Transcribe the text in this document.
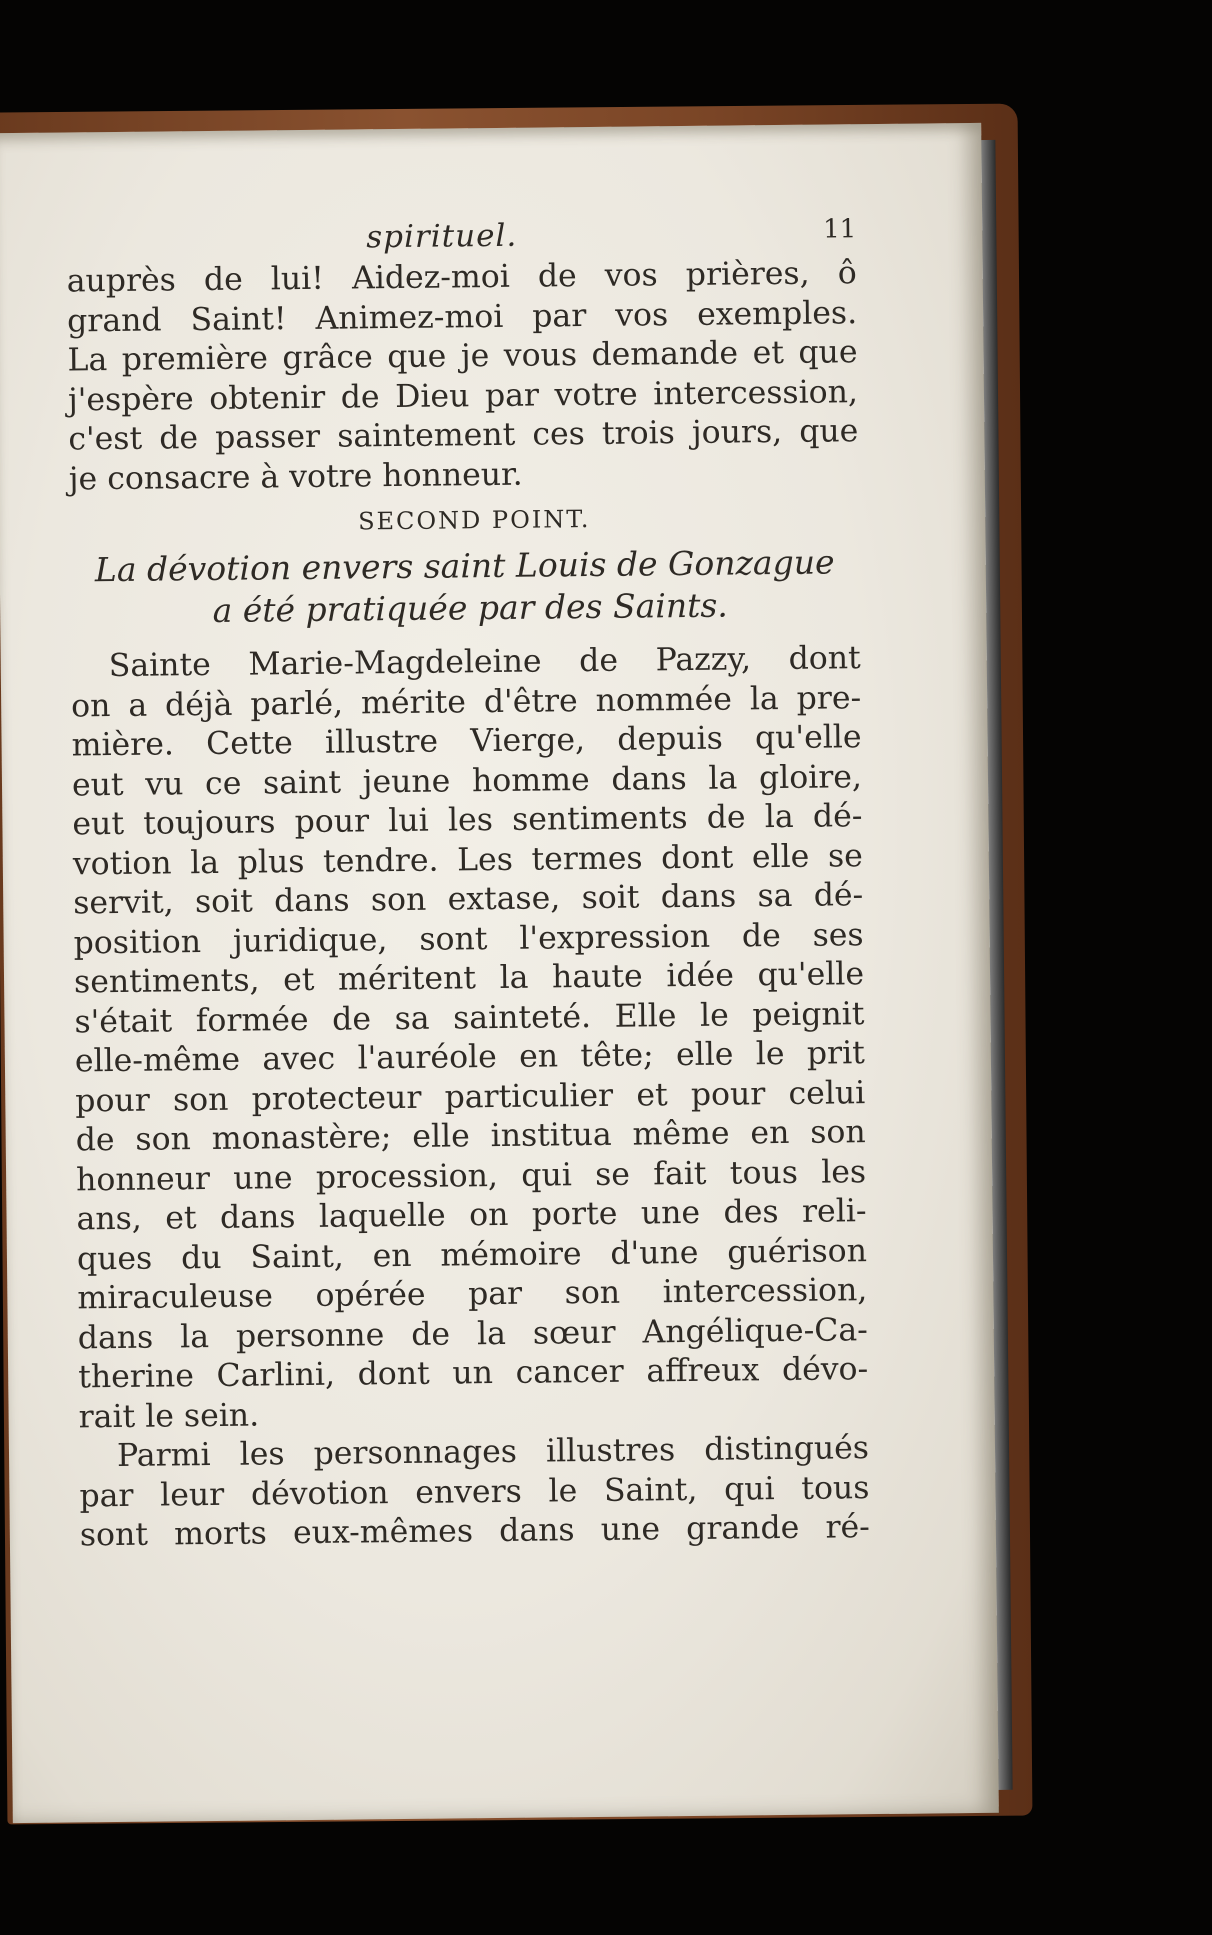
spirituel.	11
auprès de lui! Aidez-moi de vos prières, ô
grand Saint! Animez-moi par vos exemples.
La première grâce que je vous demande et que
j'espère obtenir de Dieu par votre intercession,
c'est de passer saintement ces trois jours, que
je consacre à votre honneur.
SECOND POINT.
La dévotion envers saint Louis de Gonzague
a été pratiquée par des Saints.
Sainte Marie-Magdeleine de Pazzy, dont
on a déjà parlé, mérite d'être nommée la pre-
mière. Cette illustre Vierge, depuis qu'elle
eut vu ce saint jeune homme dans la gloire,
eut toujours pour lui les sentiments de la dé-
votion la plus tendre. Les termes dont elle se
servit, soit dans son extase, soit dans sa dé-
position juridique, sont l'expression de ses
sentiments, et méritent la haute idée qu'elle
s'était formée de sa sainteté. Elle le peignit
elle-même avec l'auréole en tête; elle le prit
pour son protecteur particulier et pour celui
de son monastère; elle institua même en son
honneur une procession, qui se fait tous les
ans, et dans laquelle on porte une des reli-
ques du Saint, en mémoire d'une guérison
miraculeuse opérée par son intercession,
dans la personne de la sœur Angélique-Ca-
therine Carlini, dont un cancer affreux dévo-
rait le sein.
Parmi les personnages illustres distingués
par leur dévotion envers le Saint, qui tous
sont morts eux-mêmes dans une grande ré-
